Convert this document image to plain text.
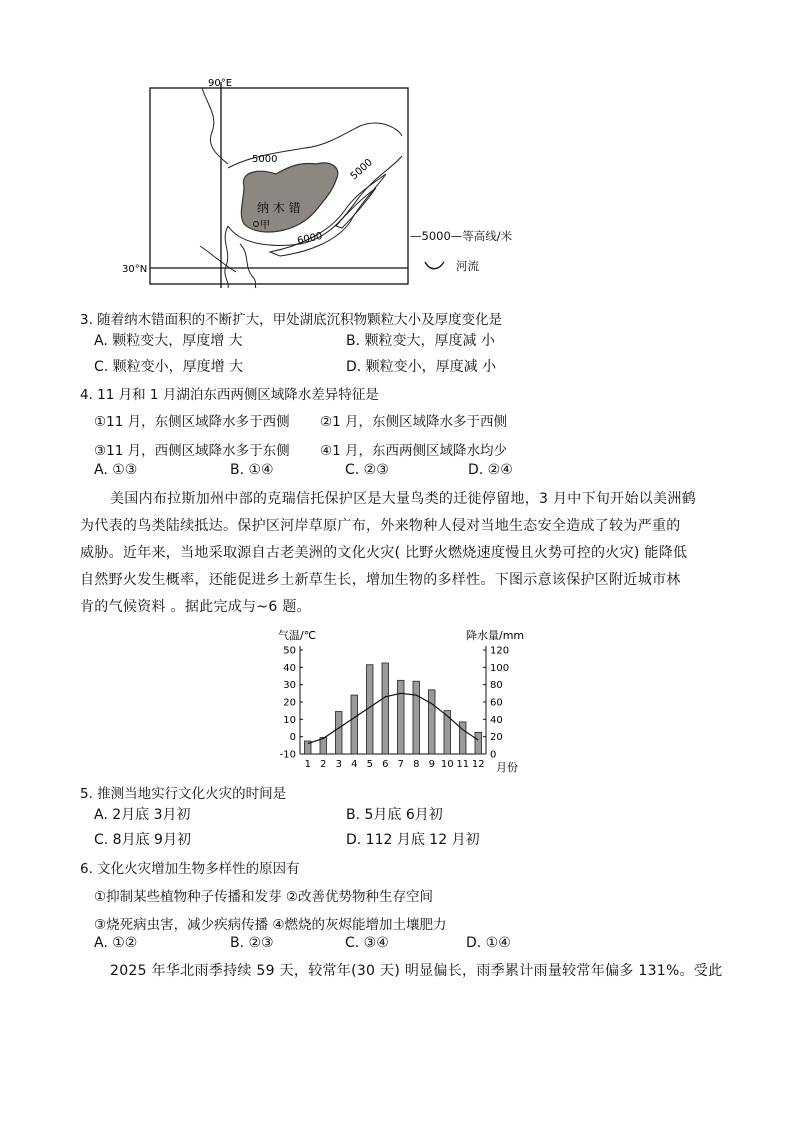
90°E
30°N
纳 木 错
甲
5000	5000
6000	—5000—等高线/米
河流
3. 随着纳木错面积的不断扩大，甲处湖底沉积物颗粒大小及厚度变化是
A. 颗粒变大，厚度增 大	B. 颗粒变大，厚度减 小
C. 颗粒变小，厚度增 大	D. 颗粒变小，厚度减 小
4. 11 月和 1 月湖泊东西两侧区域降水差异特征是
①11 月，东侧区域降水多于西侧 ②1 月，东侧区域降水多于西侧
③11 月，西侧区域降水多于东侧 ④1 月，东西两侧区域降水均少
A. ①③	B. ①④	C. ②③	D. ②④
美国内布拉斯加州中部的克瑞信托保护区是大量鸟类的迁徙停留地，3 月中下旬开始以美洲鹤
为代表的鸟类陆续抵达。保护区河岸草原广布，外来物种人侵对当地生态安全造成了较为严重的
威胁。近年来，当地采取源自古老美洲的文化火灾( 比野火燃烧速度慢且火势可控的火灾) 能降低
自然野火发生概率，还能促进乡土新草生长，增加生物的多样性。下图示意该保护区附近城市林
肯的气候资料 。据此完成与~6 题。
气温/℃	降水量/mm
50
40
30
20
10
0
-10
120
100
80
60
40
20
0
1 2 3 4 5 6 7 8 9 10 11 12 月份
5. 推测当地实行文化火灾的时间是
A. 2月底 3月初	B. 5月底 6月初
C. 8月底 9月初	D. 112 月底 12 月初
6. 文化火灾增加生物多样性的原因有
①抑制某些植物种子传播和发芽 ②改善优势物种生存空间
③烧死病虫害，减少疾病传播 ④燃烧的灰烬能增加土壤肥力
A. ①②	B. ②③	C. ③④	D. ①④
2025 年华北雨季持续 59 天，较常年(30 天) 明显偏长，雨季累计雨量较常年偏多 131%。受此
